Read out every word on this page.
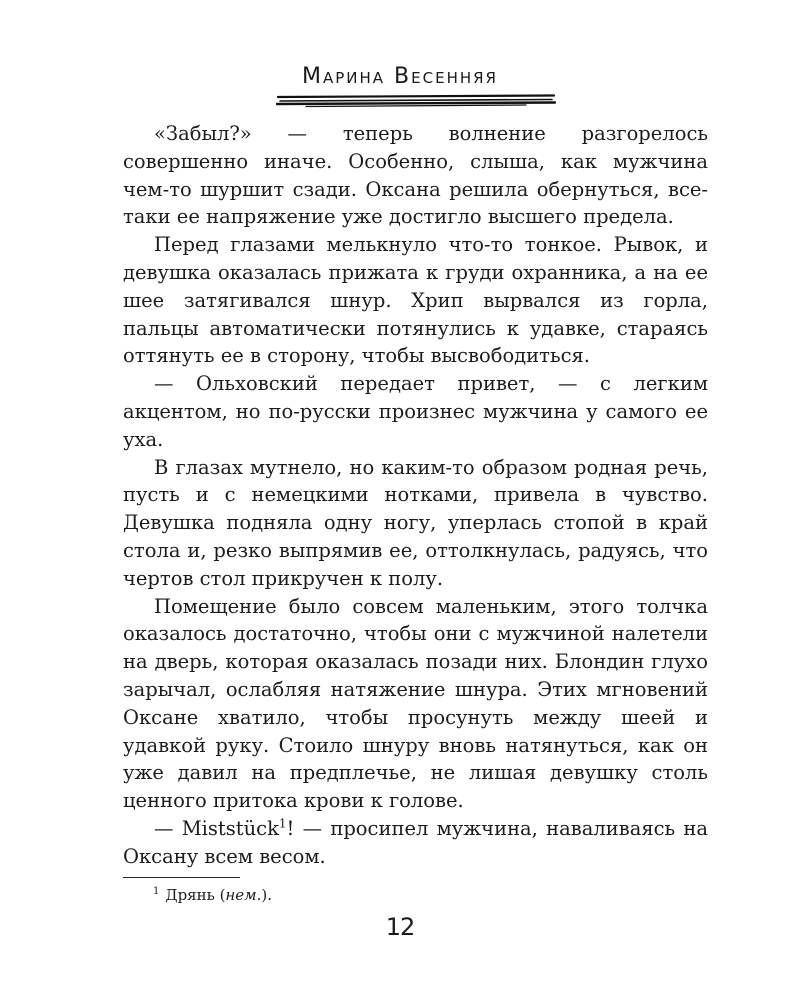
Марина Весенняя

«Забыл?» — теперь волнение разгорелось совершенно иначе. Особенно, слыша, как мужчина чем-то шуршит сзади. Оксана решила обернуться, все-таки ее напряжение уже достигло высшего предела.

Перед глазами мелькнуло что-то тонкое. Рывок, и девушка оказалась прижата к груди охранника, а на ее шее затягивался шнур. Хрип вырвался из горла, пальцы автоматически потянулись к удавке, стараясь оттянуть ее в сторону, чтобы высвободиться.

— Ольховский передает привет, — с легким акцентом, но по-русски произнес мужчина у самого ее уха.

В глазах мутнело, но каким-то образом родная речь, пусть и с немецкими нотками, привела в чувство. Девушка подняла одну ногу, уперлась стопой в край стола и, резко выпрямив ее, оттолкнулась, радуясь, что чертов стол прикручен к полу.

Помещение было совсем маленьким, этого толчка оказалось достаточно, чтобы они с мужчиной налетели на дверь, которая оказалась позади них. Блондин глухо зарычал, ослабляя натяжение шнура. Этих мгновений Оксане хватило, чтобы просунуть между шеей и удавкой руку. Стоило шнуру вновь натянуться, как он уже давил на предплечье, не лишая девушку столь ценного притока крови к голове.

— Miststück$^1$! — просипел мужчина, наваливаясь на Оксану всем весом.

$^1$ Дрянь (нем.).
12
